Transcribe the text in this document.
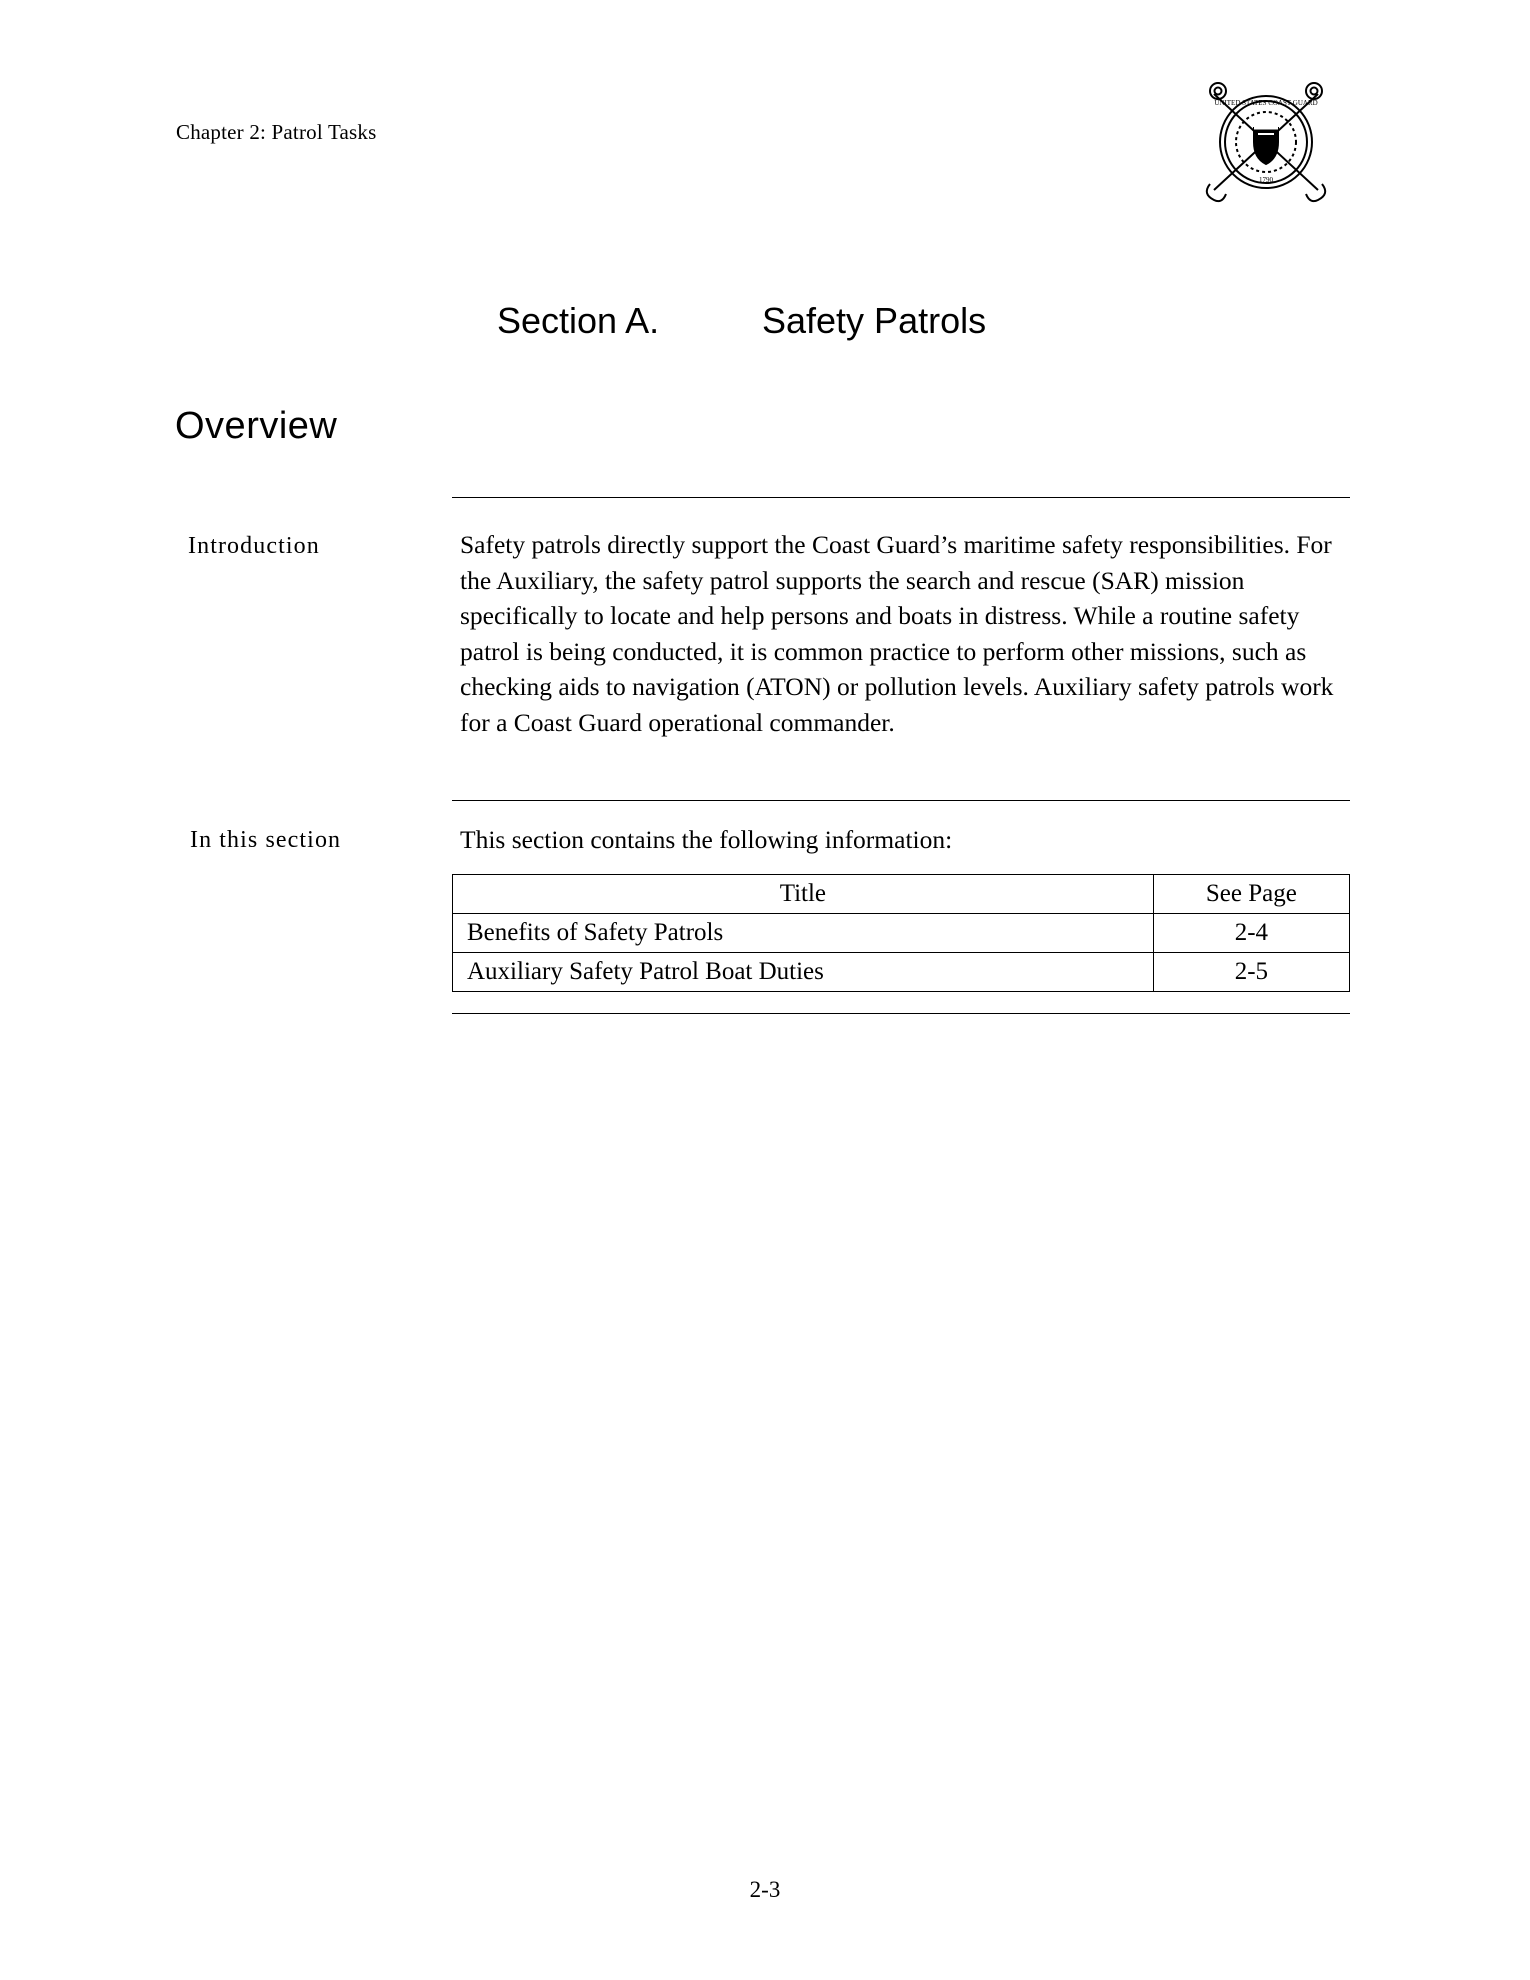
Chapter 2: Patrol Tasks
UNITED STATES COAST GUARD
1790
Section A.	Safety Patrols
Overview
Introduction	Safety patrols directly support the Coast Guard’s maritime safety responsibilities. For the Auxiliary, the safety patrol supports the search and rescue (SAR) mission specifically to locate and help persons and boats in distress. While a routine safety patrol is being conducted, it is common practice to perform other missions, such as checking aids to navigation (ATON) or pollution levels. Auxiliary safety patrols work for a Coast Guard operational commander.

In this section	This section contains the following information:
Title	See Page
Benefits of Safety Patrols	2-4
Auxiliary Safety Patrol Boat Duties	2-5
2-3
